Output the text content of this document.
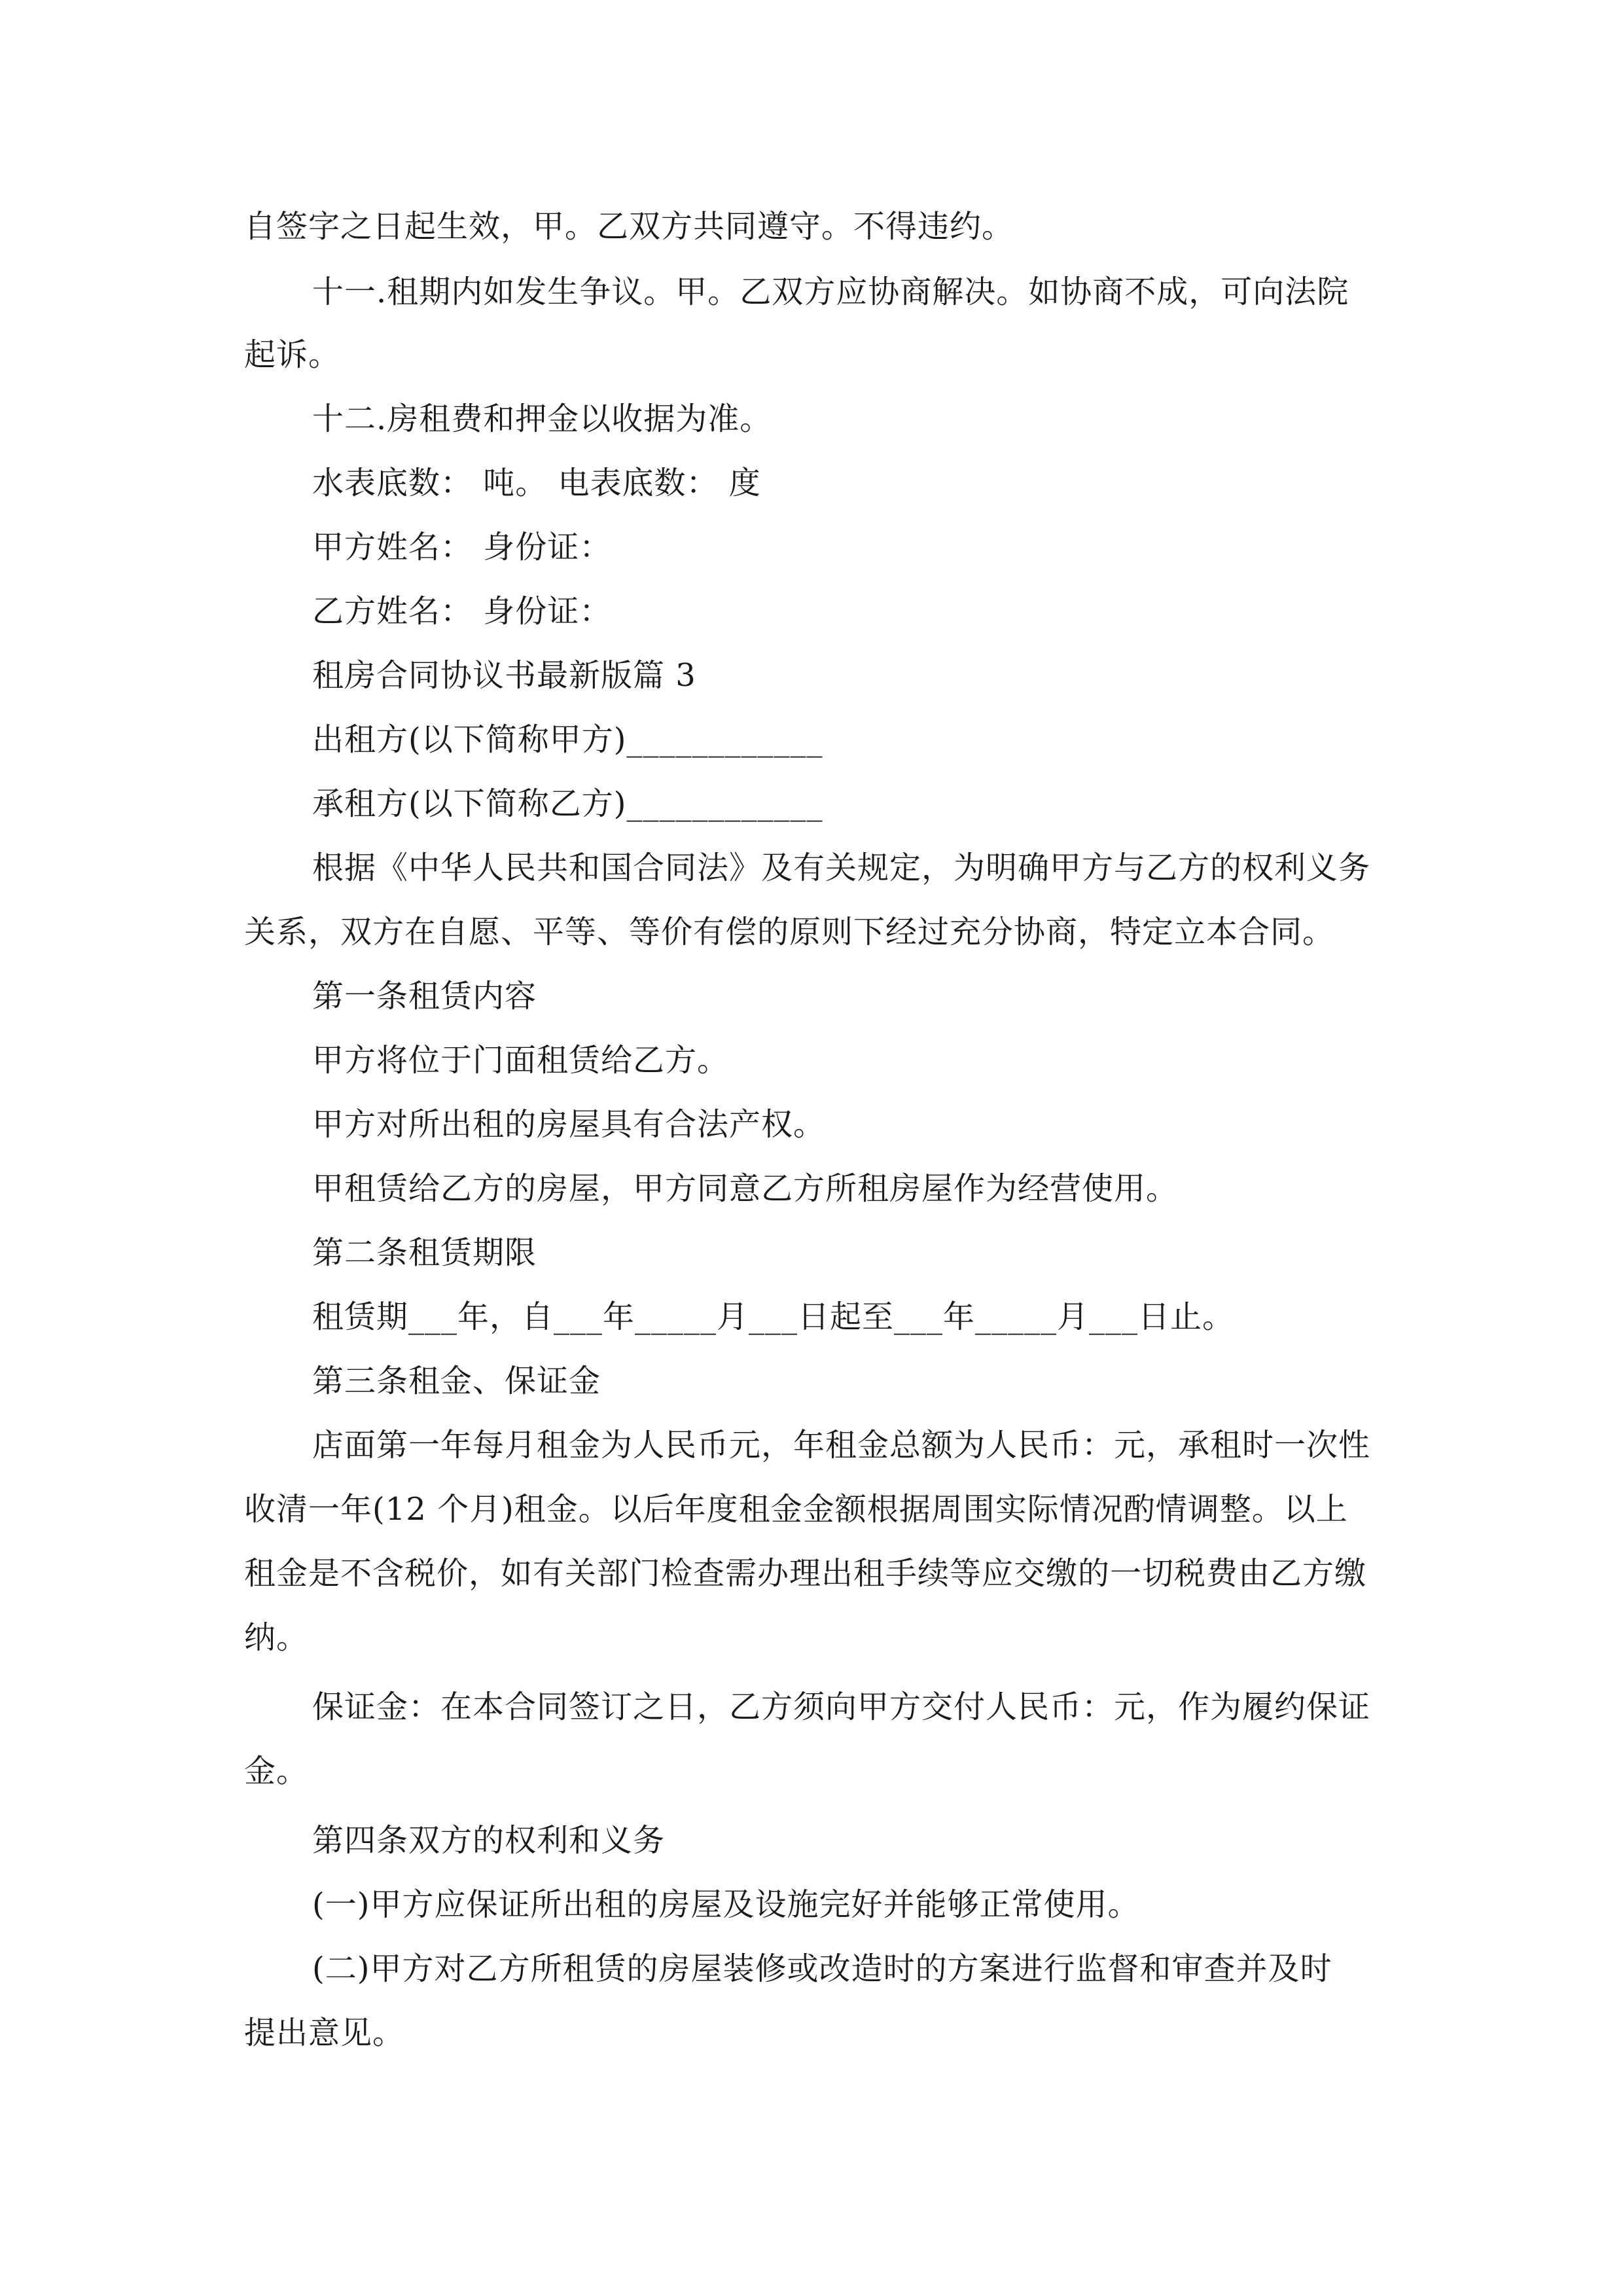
自签字之日起生效，甲。乙双方共同遵守。不得违约。
十一.租期内如发生争议。甲。乙双方应协商解决。如协商不成，可向法院
起诉。
十二.房租费和押金以收据为准。
水表底数： 吨。 电表底数： 度
甲方姓名： 身份证：
乙方姓名： 身份证：
租房合同协议书最新版篇 3
出租方(以下简称甲方)____________
承租方(以下简称乙方)____________
根据《中华人民共和国合同法》及有关规定，为明确甲方与乙方的权利义务
关系，双方在自愿、平等、等价有偿的原则下经过充分协商，特定立本合同。
第一条租赁内容
甲方将位于门面租赁给乙方。
甲方对所出租的房屋具有合法产权。
甲租赁给乙方的房屋，甲方同意乙方所租房屋作为经营使用。
第二条租赁期限
租赁期___年，自___年_____月___日起至___年_____月___日止。
第三条租金、保证金
店面第一年每月租金为人民币元，年租金总额为人民币：元，承租时一次性
收清一年(12 个月)租金。以后年度租金金额根据周围实际情况酌情调整。以上
租金是不含税价，如有关部门检查需办理出租手续等应交缴的一切税费由乙方缴
纳。
保证金：在本合同签订之日，乙方须向甲方交付人民币：元，作为履约保证
金。
第四条双方的权利和义务
(一)甲方应保证所出租的房屋及设施完好并能够正常使用。
(二)甲方对乙方所租赁的房屋装修或改造时的方案进行监督和审查并及时
提出意见。
